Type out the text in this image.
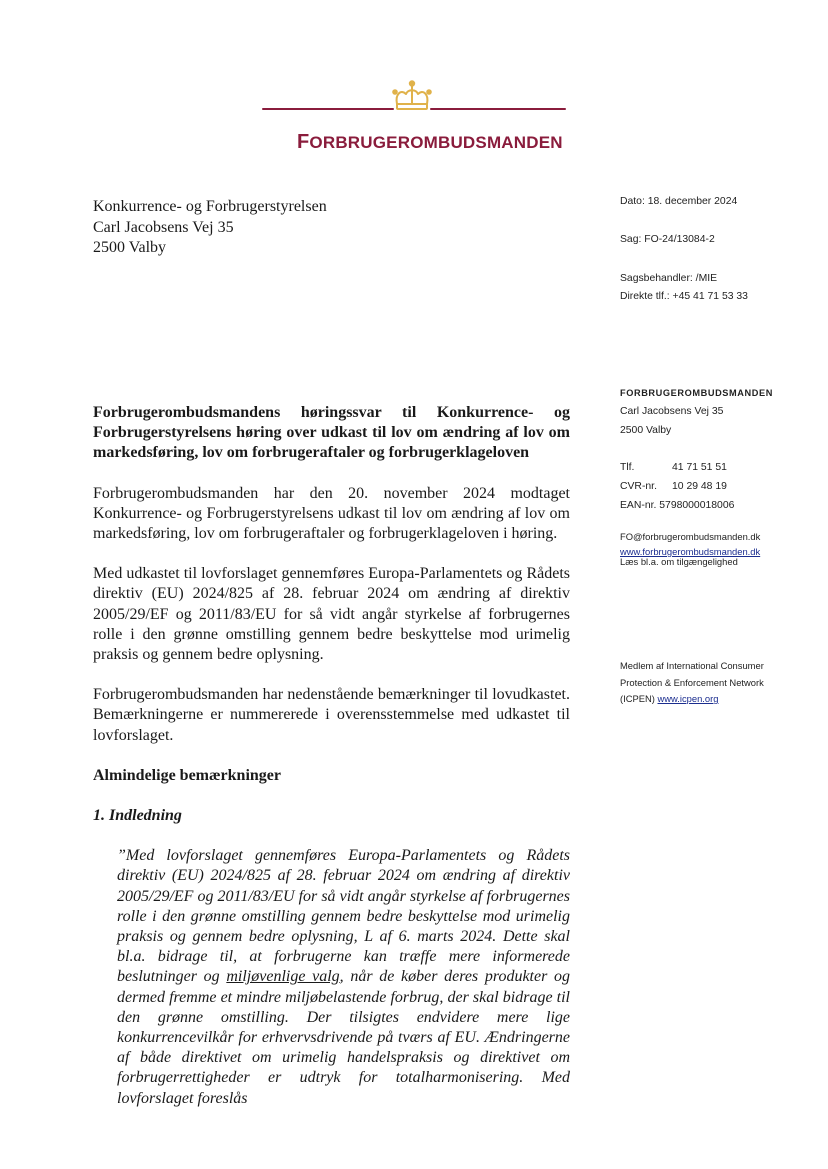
FORBRUGEROMBUDSMANDEN
Konkurrence- og Forbrugerstyrelsen
Carl Jacobsens Vej 35
2500 Valby
Dato: 18. december 2024
Sag: FO-24/13084-2
Sagsbehandler: /MIE
Direkte tlf.: +45 41 71 53 33
FORBRUGEROMBUDSMANDEN
Carl Jacobsens Vej 35
2500 Valby
Tlf.	41 71 51 51
CVR-nr. 10 29 48 19
EAN-nr. 5798000018006
FO@forbrugerombudsmanden.dk
www.forbrugerombudsmanden.dk
Læs bl.a. om tilgængelighed
Medlem af International Consumer
Protection & Enforcement Network
(ICPEN) www.icpen.org

Forbrugerombudsmandens høringssvar til Konkurrence- og Forbrugerstyrelsens høring over udkast til lov om ændring af lov om markedsføring, lov om forbrugeraftaler og forbrugerklageloven

Forbrugerombudsmanden har den 20. november 2024 modtaget Konkurrence- og Forbrugerstyrelsens udkast til lov om ændring af lov om markedsføring, lov om forbrugeraftaler og forbrugerklageloven i høring.

Med udkastet til lovforslaget gennemføres Europa-Parlamentets og Rådets direktiv (EU) 2024/825 af 28. februar 2024 om ændring af direktiv 2005/29/EF og 2011/83/EU for så vidt angår styrkelse af forbrugernes rolle i den grønne omstilling gennem bedre beskyttelse mod urimelig praksis og gennem bedre oplysning.

Forbrugerombudsmanden har nedenstående bemærkninger til lovudkastet. Bemærkningerne er nummererede i overensstemmelse med udkastet til lovforslaget.

Almindelige bemærkninger

1. Indledning

”Med lovforslaget gennemføres Europa-Parlamentets og Rådets direktiv (EU) 2024/825 af 28. februar 2024 om ændring af direktiv 2005/29/EF og 2011/83/EU for så vidt angår styrkelse af forbrugernes rolle i den grønne omstilling gennem bedre beskyttelse mod urimelig praksis og gennem bedre oplysning, L af 6. marts 2024. Dette skal bl.a. bidrage til, at forbrugerne kan træffe mere informerede beslutninger og miljøvenlige valg, når de køber deres produkter og dermed fremme et mindre miljøbelastende forbrug, der skal bidrage til den grønne omstilling. Der tilsigtes endvidere mere lige konkurrencevilkår for erhvervsdrivende på tværs af EU. Ændringerne af både direktivet om urimelig handelspraksis og direktivet om forbrugerrettigheder er udtryk for totalharmonisering. Med lovforslaget foreslås
